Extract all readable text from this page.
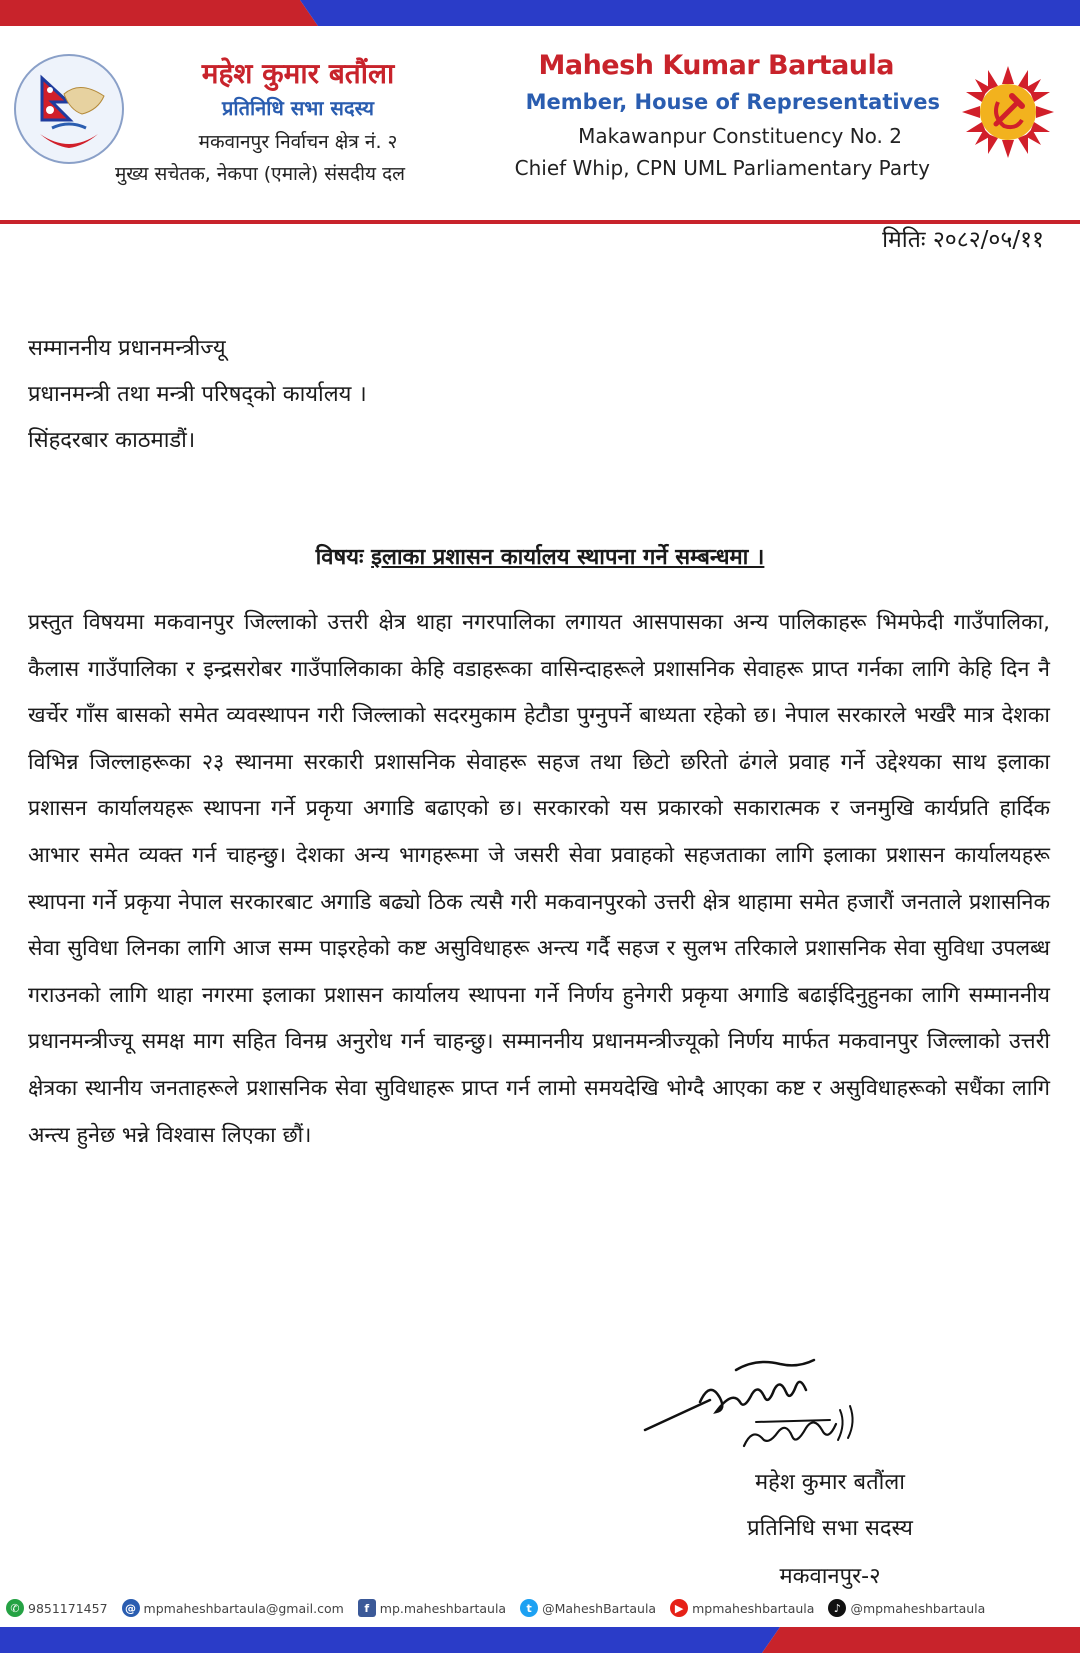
महेश कुमार बतौंला
प्रतिनिधि सभा सदस्य
मकवानपुर निर्वाचन क्षेत्र नं. २
मुख्य सचेतक, नेकपा (एमाले) संसदीय दल
Mahesh Kumar Bartaula
Member, House of Representatives
Makawanpur Constituency No. 2
Chief Whip, CPN UML Parliamentary Party
मितिः २०८२/०५/११
सम्माननीय प्रधानमन्त्रीज्यू
प्रधानमन्त्री तथा मन्त्री परिषद्को कार्यालय ।
सिंहदरबार काठमाडौं।
विषयः इलाका प्रशासन कार्यालय स्थापना गर्ने सम्बन्धमा ।

प्रस्तुत विषयमा मकवानपुर जिल्लाको उत्तरी क्षेत्र थाहा नगरपालिका लगायत आसपासका अन्य पालिकाहरू भिमफेदी गाउँपालिका, कैलास गाउँपालिका र इन्द्रसरोबर गाउँपालिकाका केहि वडाहरूका वासिन्दाहरूले प्रशासनिक सेवाहरू प्राप्त गर्नका लागि केहि दिन नै खर्चेर गाँस बासको समेत व्यवस्थापन गरी जिल्लाको सदरमुकाम हेटौडा पुग्नुपर्ने बाध्यता रहेको छ। नेपाल सरकारले भर्खरै मात्र देशका विभिन्न जिल्लाहरूका २३ स्थानमा सरकारी प्रशासनिक सेवाहरू सहज तथा छिटो छरितो ढंगले प्रवाह गर्ने उद्देश्यका साथ इलाका प्रशासन कार्यालयहरू स्थापना गर्ने प्रकृया अगाडि बढाएको छ। सरकारको यस प्रकारको सकारात्मक र जनमुखि कार्यप्रति हार्दिक आभार समेत व्यक्त गर्न चाहन्छु। देशका अन्य भागहरूमा जे जसरी सेवा प्रवाहको सहजताका लागि इलाका प्रशासन कार्यालयहरू स्थापना गर्ने प्रकृया नेपाल सरकारबाट अगाडि बढ्यो ठिक त्यसै गरी मकवानपुरको उत्तरी क्षेत्र थाहामा समेत हजारौं जनताले प्रशासनिक सेवा सुविधा लिनका लागि आज सम्म पाइरहेको कष्ट असुविधाहरू अन्त्य गर्दै सहज र सुलभ तरिकाले प्रशासनिक सेवा सुविधा उपलब्ध गराउनको लागि थाहा नगरमा इलाका प्रशासन कार्यालय स्थापना गर्ने निर्णय हुनेगरी प्रकृया अगाडि बढाईदिनुहुनका लागि सम्माननीय प्रधानमन्त्रीज्यू समक्ष माग सहित विनम्र अनुरोध गर्न चाहन्छु। सम्माननीय प्रधानमन्त्रीज्यूको निर्णय मार्फत मकवानपुर जिल्लाको उत्तरी क्षेत्रका स्थानीय जनताहरूले प्रशासनिक सेवा सुविधाहरू प्राप्त गर्न लामो समयदेखि भोग्दै आएका कष्ट र असुविधाहरूको सधैंका लागि अन्त्य हुनेछ भन्ने विश्वास लिएका छौं।

महेश कुमार बतौंला
प्रतिनिधि सभा सदस्य
मकवानपुर-२
✆ 9851171457	@ mpmaheshbartaula@gmail.com	f mp.maheshbartaula	t @MaheshBartaula	▶ mpmaheshbartaula	♪ @mpmaheshbartaula
